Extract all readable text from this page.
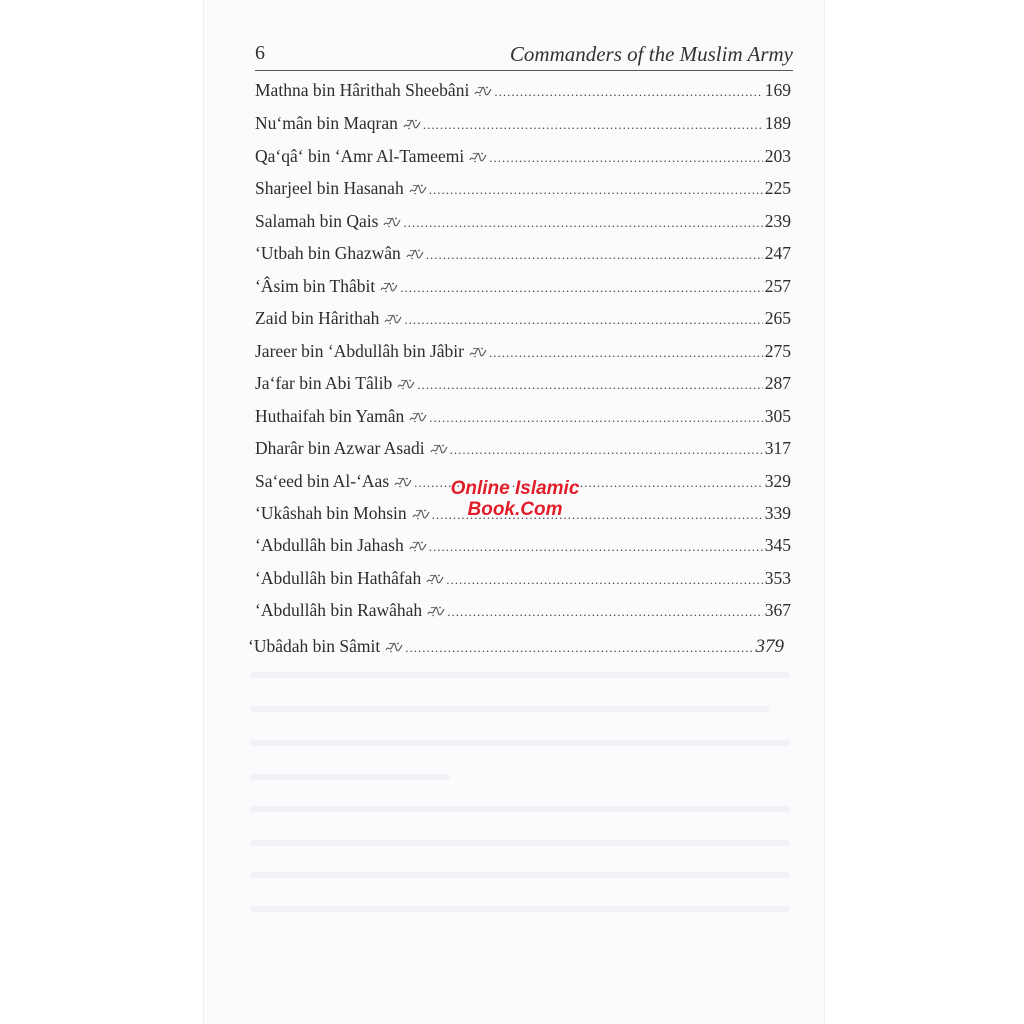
6	Commanders of the Muslim Army
Mathna bin Hârithah Sheebâni .....	169
Nu‘mân bin Maqran .....	189
Qa‘qâ‘ bin ‘Amr Al-Tameemi .....	203
Sharjeel bin Hasanah .....	225
Salamah bin Qais .....	239
‘Utbah bin Ghazwân .....	247
‘Âsim bin Thâbit .....	257
Zaid bin Hârithah .....	265
Jareer bin ‘Abdullâh bin Jâbir .....	275
Ja‘far bin Abi Tâlib .....	287
Huthaifah bin Yamân .....	305
Dharâr bin Azwar Asadi .....	317
Sa‘eed bin Al-‘Aas .....	329
‘Ukâshah bin Mohsin .....	339
‘Abdullâh bin Jahash .....	345
‘Abdullâh bin Hathâfah .....	353
‘Abdullâh bin Rawâhah .....	367
‘Ubâdah bin Sâmit .....	379
Online Islamic
Book.Com
